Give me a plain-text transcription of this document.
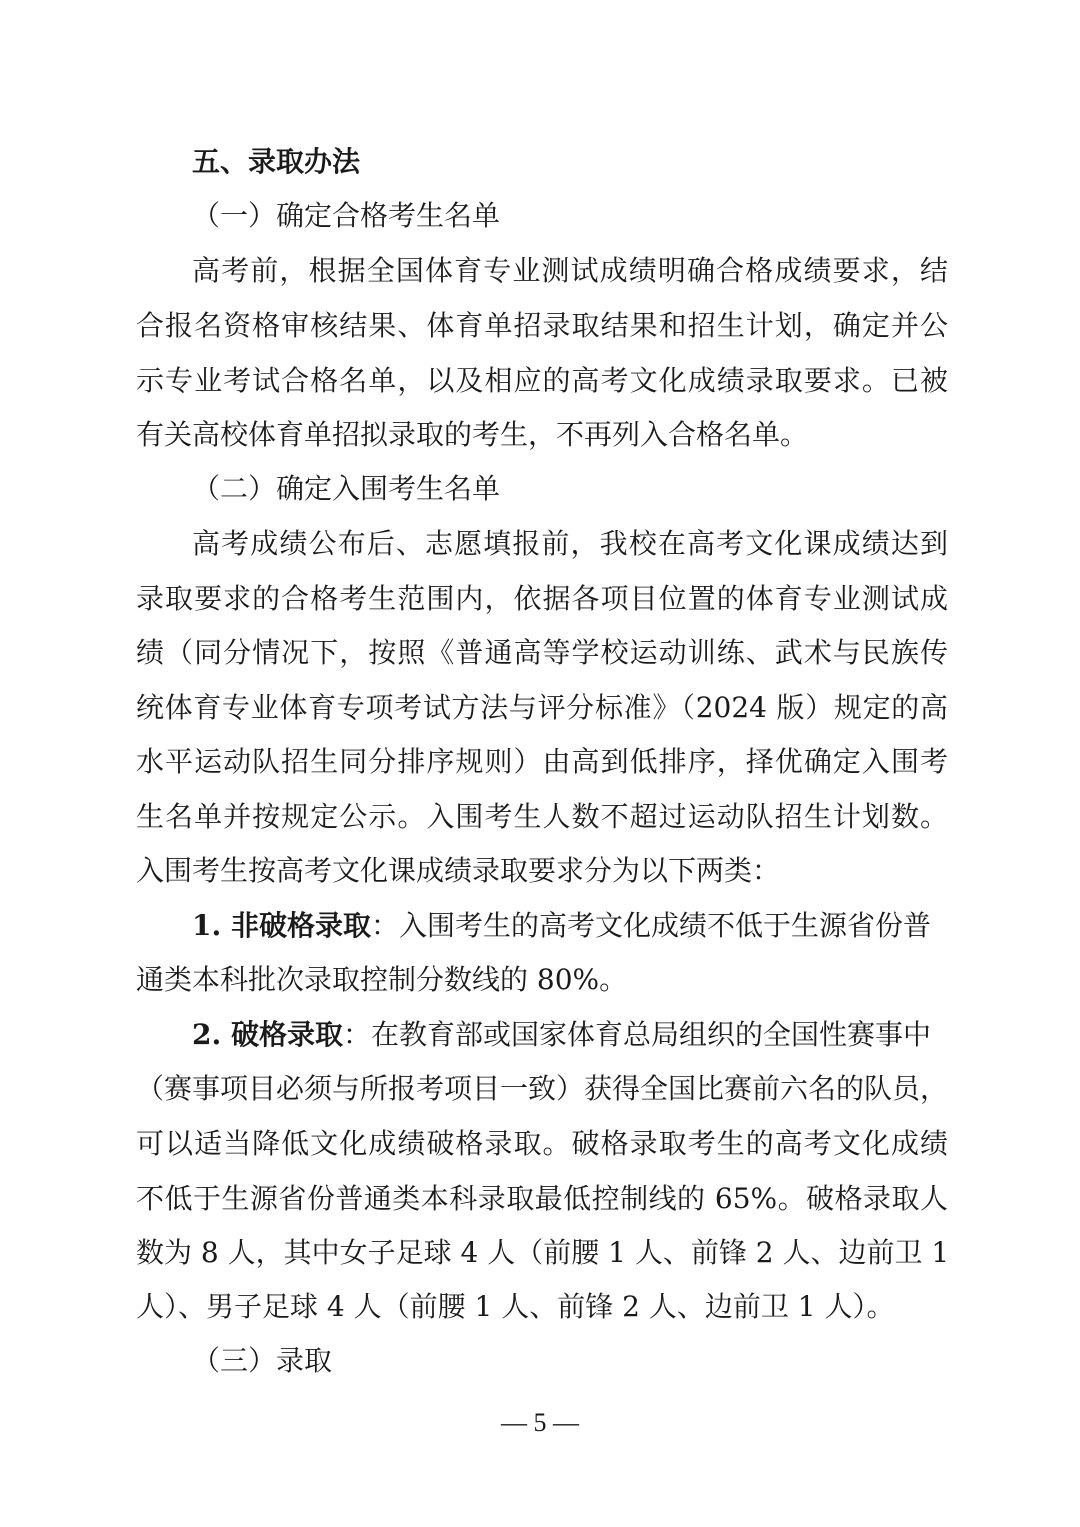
五、录取办法
（一）确定合格考生名单
高考前，根据全国体育专业测试成绩明确合格成绩要求，结
合报名资格审核结果、体育单招录取结果和招生计划，确定并公
示专业考试合格名单，以及相应的高考文化成绩录取要求。已被
有关高校体育单招拟录取的考生，不再列入合格名单。
（二）确定入围考生名单
高考成绩公布后、志愿填报前，我校在高考文化课成绩达到
录取要求的合格考生范围内，依据各项目位置的体育专业测试成
绩（同分情况下，按照《普通高等学校运动训练、武术与民族传
统体育专业体育专项考试方法与评分标准》（2024 版）规定的高
水平运动队招生同分排序规则）由高到低排序，择优确定入围考
生名单并按规定公示。入围考生人数不超过运动队招生计划数。
入围考生按高考文化课成绩录取要求分为以下两类：
1. 非破格录取：入围考生的高考文化成绩不低于生源省份普
通类本科批次录取控制分数线的 80%。
2. 破格录取：在教育部或国家体育总局组织的全国性赛事中
（赛事项目必须与所报考项目一致）获得全国比赛前六名的队员，
可以适当降低文化成绩破格录取。破格录取考生的高考文化成绩
不低于生源省份普通类本科录取最低控制线的 65%。破格录取人
数为 8 人，其中女子足球 4 人（前腰 1 人、前锋 2 人、边前卫 1
人）、男子足球 4 人（前腰 1 人、前锋 2 人、边前卫 1 人）。
（三）录取
— 5 —
